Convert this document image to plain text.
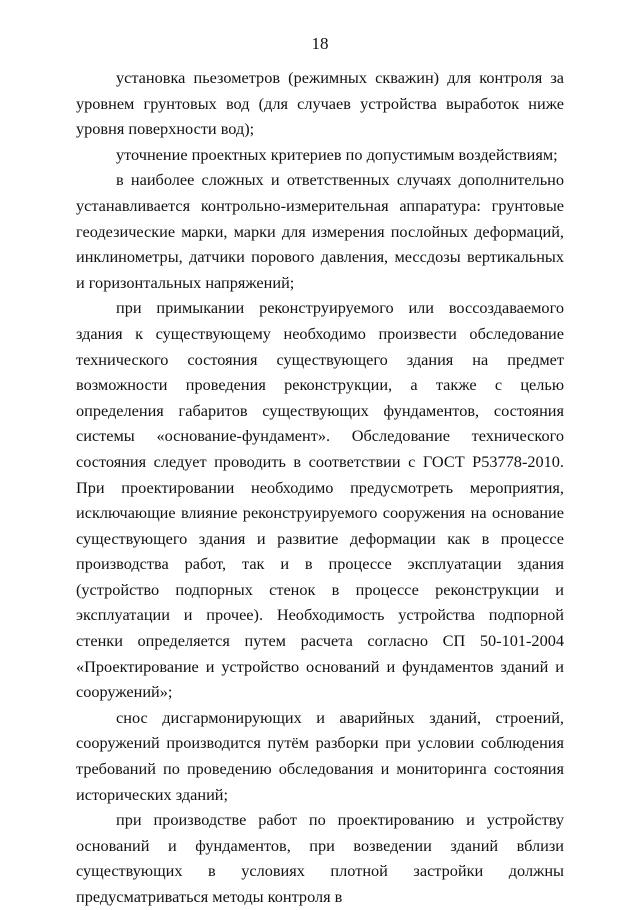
18

установка пьезометров (режимных скважин) для контроля за уровнем грунтовых вод (для случаев устройства выработок ниже уровня поверхности вод);

уточнение проектных критериев по допустимым воздействиям;

в наиболее сложных и ответственных случаях дополнительно устанавливается контрольно-измерительная аппаратура: грунтовые геодезические марки, марки для измерения послойных деформаций, инклинометры, датчики порового давления, мессдозы вертикальных и горизонтальных напряжений;

при примыкании реконструируемого или воссоздаваемого здания к существующему необходимо произвести обследование технического состояния существующего здания на предмет возможности проведения реконструкции, а также с целью определения габаритов существующих фундаментов, состояния системы «основание-фундамент». Обследование технического состояния следует проводить в соответствии с ГОСТ Р53778-2010. При проектировании необходимо предусмотреть мероприятия, исключающие влияние реконструируемого сооружения на основание существующего здания и развитие деформации как в процессе производства работ, так и в процессе эксплуатации здания (устройство подпорных стенок в процессе реконструкции и эксплуатации и прочее). Необходимость устройства подпорной стенки определяется путем расчета согласно СП 50-101-2004 «Проектирование и устройство оснований и фундаментов зданий и сооружений»;

снос дисгармонирующих и аварийных зданий, строений, сооружений производится путём разборки при условии соблюдения требований по проведению обследования и мониторинга состояния исторических зданий;

при производстве работ по проектированию и устройству оснований и фундаментов, при возведении зданий вблизи существующих в условиях плотной застройки должны предусматриваться методы контроля в
